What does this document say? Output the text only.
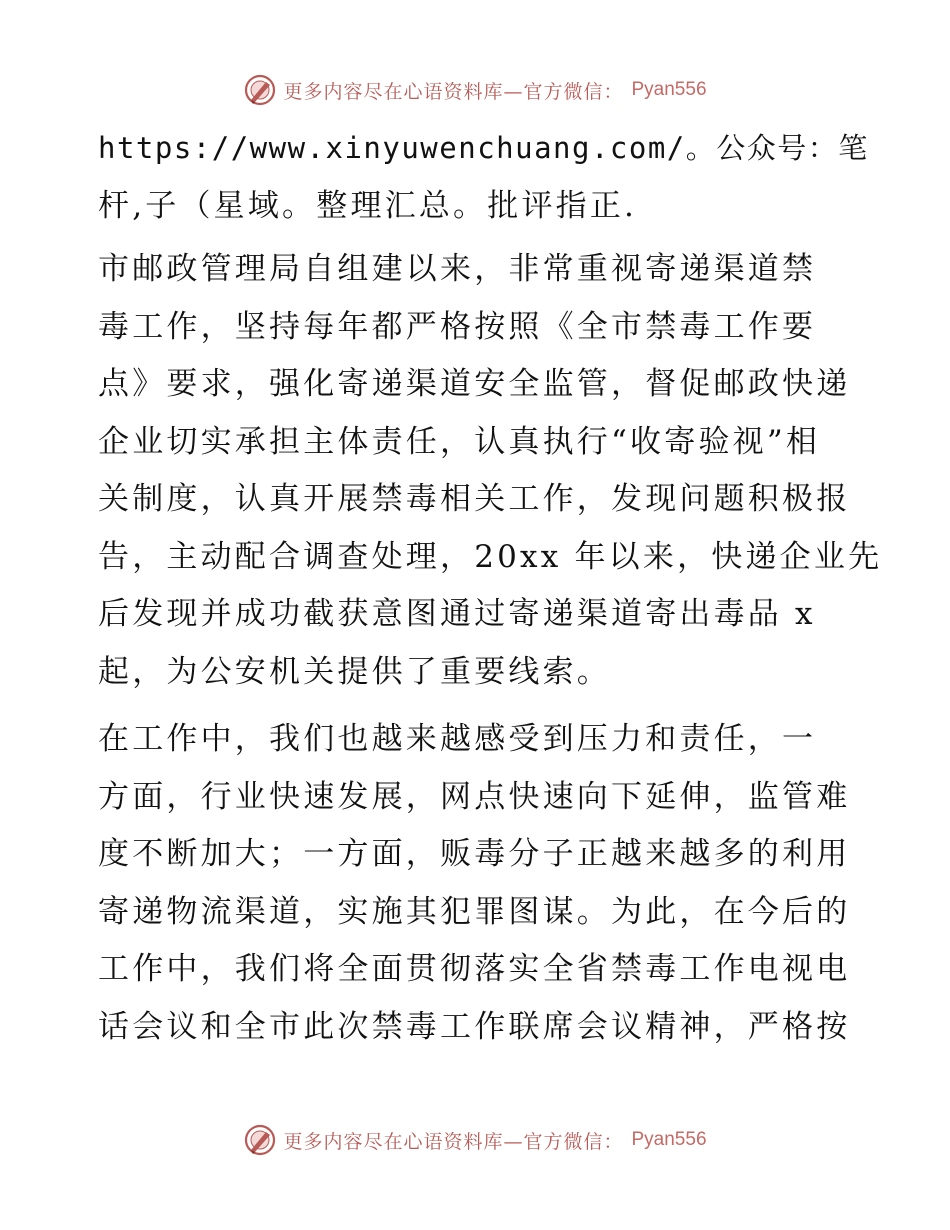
更多内容尽在心语资料库—官方微信： Pyan556

https://www.xinyuwenchuang.com/。公众号：笔
杆,子（星域。整理汇总。批评指正.

市邮政管理局自组建以来，非常重视寄递渠道禁
毒工作，坚持每年都严格按照《全市禁毒工作要
点》要求，强化寄递渠道安全监管，督促邮政快递
企业切实承担主体责任，认真执行“收寄验视”相
关制度，认真开展禁毒相关工作，发现问题积极报
告，主动配合调查处理，20xx 年以来，快递企业先
后发现并成功截获意图通过寄递渠道寄出毒品 x
起，为公安机关提供了重要线索。

在工作中，我们也越来越感受到压力和责任，一
方面，行业快速发展，网点快速向下延伸，监管难
度不断加大；一方面，贩毒分子正越来越多的利用
寄递物流渠道，实施其犯罪图谋。为此，在今后的
工作中，我们将全面贯彻落实全省禁毒工作电视电
话会议和全市此次禁毒工作联席会议精神，严格按

更多内容尽在心语资料库—官方微信： Pyan556
